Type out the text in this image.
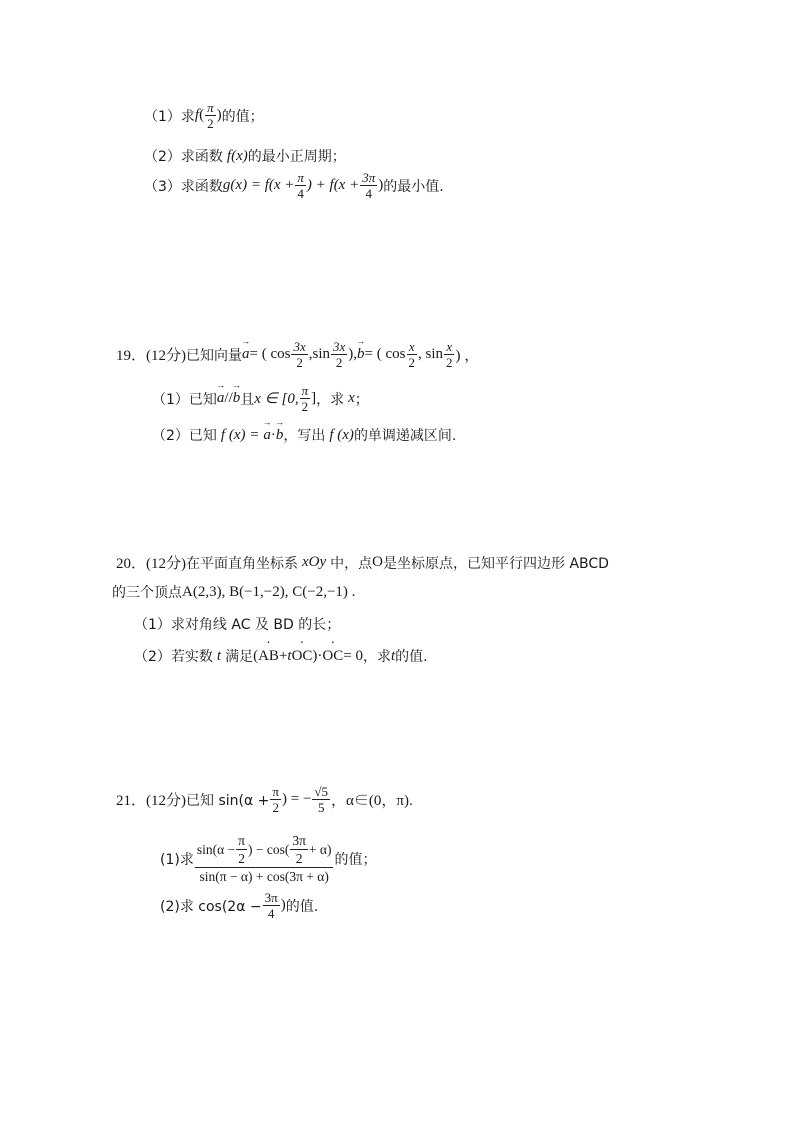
（1）求 f ( $\frac{\pi}{2}$ ) 的值；
（2）求函数 f(x) 的最小正周期；
（3）求函数 $g(x) = f(x + \frac{\pi}{4}$ ) + $f(x + \frac{3\pi}{4}$ ) 的最小值.
19． (12分) 已知向量 → a = ( $\cos \frac{3x}{2} ,\sin \frac{3x}{2}$ ), → b = ( $\cos \frac{x}{2}$ , $\sin \frac{x}{2}$ ) ，
（1）已知 → a // → b 且 x ∈ [0, $\frac{\pi}{2}$ ] ，求 x ；
（2）已知 f (x) = → a · → b ，写出 f (x) 的单调递减区间.
20． (12分) 在平面直角坐标系 xOy 中，点 O 是坐标原点，已知平行四边形 ABCD
的三个顶点 A(2,3), B(−1,−2), C(−2,−1) .
（1）求对角线 AC 及 BD 的长；
（2）若实数 t 满足 ( · AB + t · OC ) · · OC = 0 ，求 t 的值.
21． (12分) 已知 $\sin(\alpha + \frac{\pi}{2}$ ) = − $\frac{√5}{5}$ ，α∈(0，π).
(1)求 $\frac{\sin(\alpha - \frac{\pi}{2} ) - \cos( \frac{3\pi}{2} + \alpha)}{\sin(\pi - \alpha) + \cos(3\pi + \alpha)}$ 的值；
(2)求 $\cos(2\alpha - \frac{3\pi}{4}$ ) 的值.
